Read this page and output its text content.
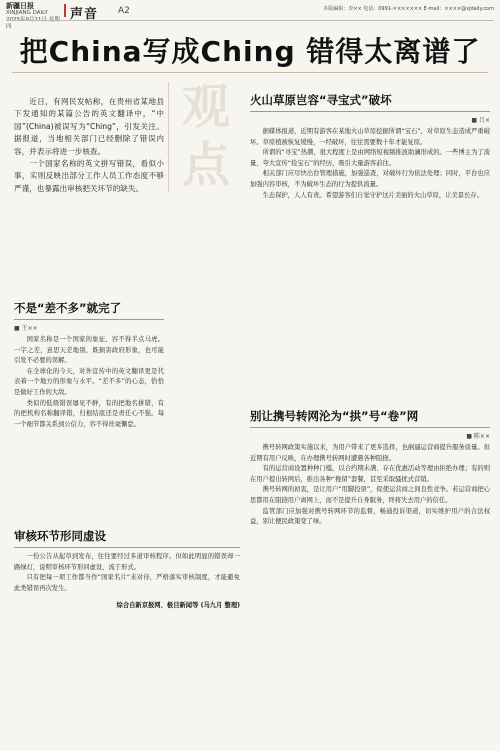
新疆日报
XINJIANG DAILY
2025年9月11日 星期四
声音 A2	本版编辑：李×× 电话：0991-××××××× E-mail：××××@xjdaily.com
把China写成Ching 错得太离谱了

近日，有网民发帖称，在贵州省某地县下发通知的某篇公告的英文翻译中，“中国”(China)被误写为“Ching”，引发关注。据报道，当地相关部门已经删除了错误内容，并表示将进一步核查。

一个国家名称的英文拼写错误，看似小事，实则反映出部分工作人员工作态度不够严谨，也暴露出审核把关环节的缺失。

观点
不是“差不多”就完了
■ 王××

国家名称是一个国家的象征，容不得半点马虎。一字之差，意思天差地别，既损害政府形象，也可能引发不必要的误解。

在全球化的今天，对外宣传中的英文翻译更是代表着一个地方的形象与水平。“差不多”的心态，恰恰是做好工作的大敌。

类似的低级错误屡见不鲜，有的把地名拼错，有的把机构名称翻译错，归根结底还是责任心不强。每一个细节都关系到公信力，容不得丝毫懈怠。

审核环节形同虚设

一份公告从起草到发布，往往要经过多道审核程序。但如此明显的错误却一路绿灯，说明审核环节形同虚设，流于形式。

只有把每一项工作都当作“国家名片”来对待，严格落实审核制度，才能避免此类错误再次发生。

综合自新京报网、极目新闻等 (马九月 整理)
火山草原岂容“寻宝式”破坏
■ 吕×

据媒体报道，近期有游客在某地火山草原挖掘所谓“宝石”，对草原生态造成严重破坏。草原植被恢复缓慢，一经破坏，往往需要数十年才能复原。

所谓的“寻宝”热潮，很大程度上是由网络短视频推波助澜形成的。一些博主为了流量，夸大宣传“捡宝石”的经历，吸引大量游客前往。

相关部门应尽快出台管理措施，加强巡查，对破坏行为依法处理；同时，平台也应加强内容审核，不为破坏生态的行为提供流量。

生态保护，人人有责。希望游客们自觉守护这片美丽的火山草原，让美景长存。

别让携号转网沦为“拱”号“卷”网
■ 陈××

携号转网政策实施以来，为用户带来了更多选择，也倒逼运营商提升服务质量。但近期有用户反映，在办理携号转网时遭遇各种阻挠。

有的运营商设置种种门槛，以合约期未满、存在优惠活动等理由拒绝办理；有的则在用户提出转网后，推出各种“挽留”套餐，甚至采取骚扰式营销。

携号转网的初衷，是让用户“用脚投票”，促使运营商之间良性竞争。若运营商把心思都用在阻挠用户离网上，而不是提升自身服务，终将失去用户的信任。

监管部门应加强对携号转网环节的监督，畅通投诉渠道，切实维护用户的合法权益，别让便民政策变了味。
